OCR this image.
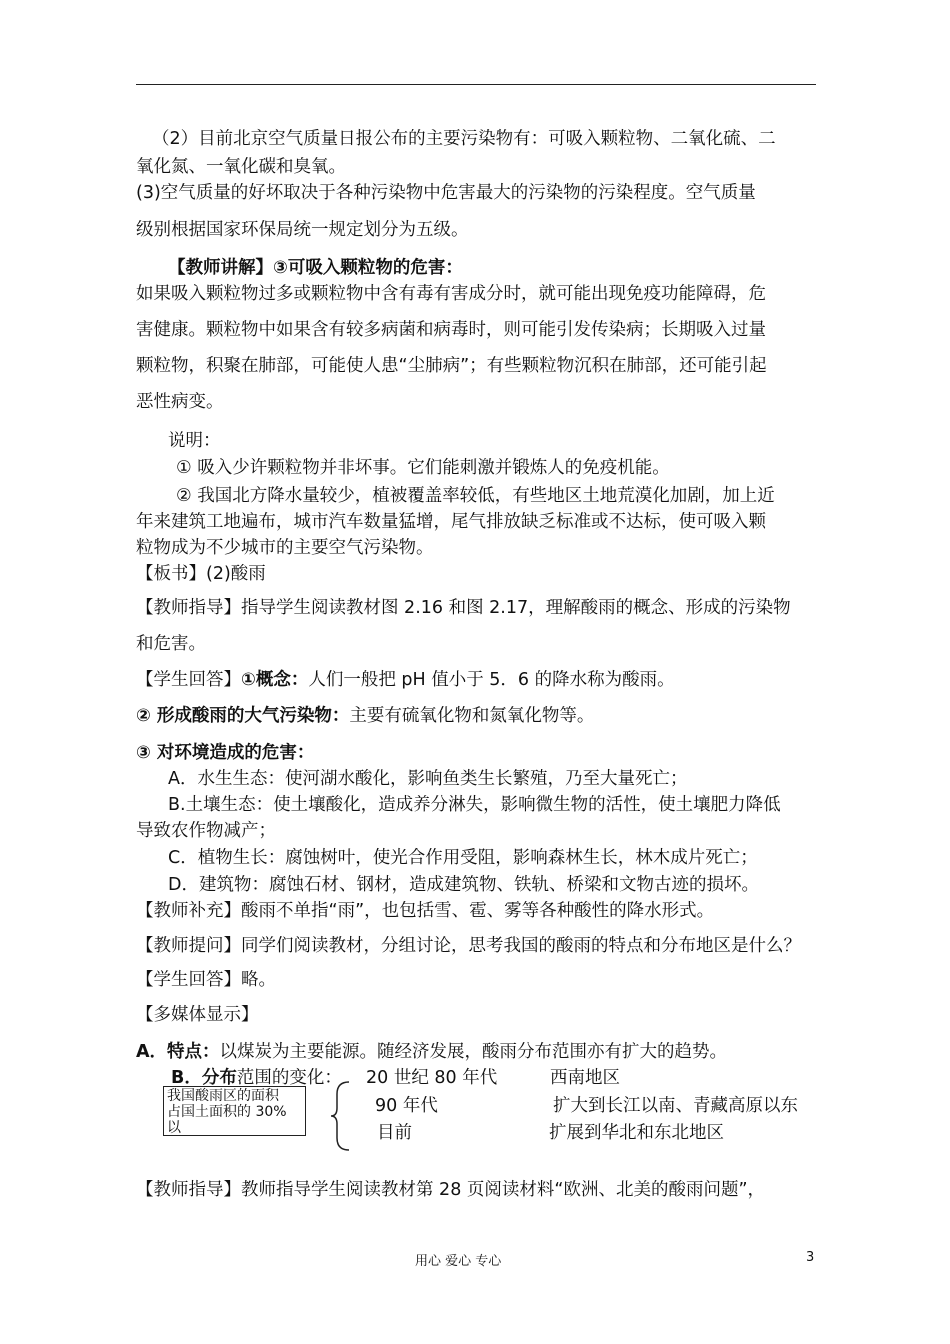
（2）目前北京空气质量日报公布的主要污染物有：可吸入颗粒物、二氧化硫、二
氧化氮、一氧化碳和臭氧。
(3)空气质量的好坏取决于各种污染物中危害最大的污染物的污染程度。空气质量
级别根据国家环保局统一规定划分为五级。
【教师讲解】③可吸入颗粒物的危害：
如果吸入颗粒物过多或颗粒物中含有毒有害成分时，就可能出现免疫功能障碍，危
害健康。颗粒物中如果含有较多病菌和病毒时，则可能引发传染病；长期吸入过量
颗粒物，积聚在肺部，可能使人患“尘肺病”；有些颗粒物沉积在肺部，还可能引起
恶性病变。
说明：
① 吸入少许颗粒物并非坏事。它们能刺激并锻炼人的免疫机能。
② 我国北方降水量较少，植被覆盖率较低，有些地区土地荒漠化加剧，加上近
年来建筑工地遍布，城市汽车数量猛增，尾气排放缺乏标准或不达标，使可吸入颗
粒物成为不少城市的主要空气污染物。
【板书】(2)酸雨
【教师指导】指导学生阅读教材图 2.16 和图 2.17，理解酸雨的概念、形成的污染物
和危害。
【学生回答】①概念：人们一般把 pH 值小于 5．6 的降水称为酸雨。
② 形成酸雨的大气污染物：主要有硫氧化物和氮氧化物等。
③ 对环境造成的危害：
A．水生生态：使河湖水酸化，影响鱼类生长繁殖，乃至大量死亡；
B.土壤生态：使土壤酸化，造成养分淋失，影响微生物的活性，使土壤肥力降低
导致农作物减产；
C．植物生长：腐蚀树叶，使光合作用受阻，影响森林生长，林木成片死亡；
D．建筑物：腐蚀石材、钢材，造成建筑物、铁轨、桥梁和文物古迹的损坏。
【教师补充】酸雨不单指“雨”，也包括雪、雹、雾等各种酸性的降水形式。
【教师提问】同学们阅读教材，分组讨论，思考我国的酸雨的特点和分布地区是什么？
【学生回答】略。
【多媒体显示】
A．特点：以煤炭为主要能源。随经济发展，酸雨分布范围亦有扩大的趋势。
B．分布范围的变化：
我国酸雨区的面积
占国土面积的 30%
以
20 世纪 80 年代	西南地区
90 年代	扩大到长江以南、青藏高原以东
目前	扩展到华北和东北地区
【教师指导】教师指导学生阅读教材第 28 页阅读材料“欧洲、北美的酸雨问题”，
用心 爱心 专心	3
